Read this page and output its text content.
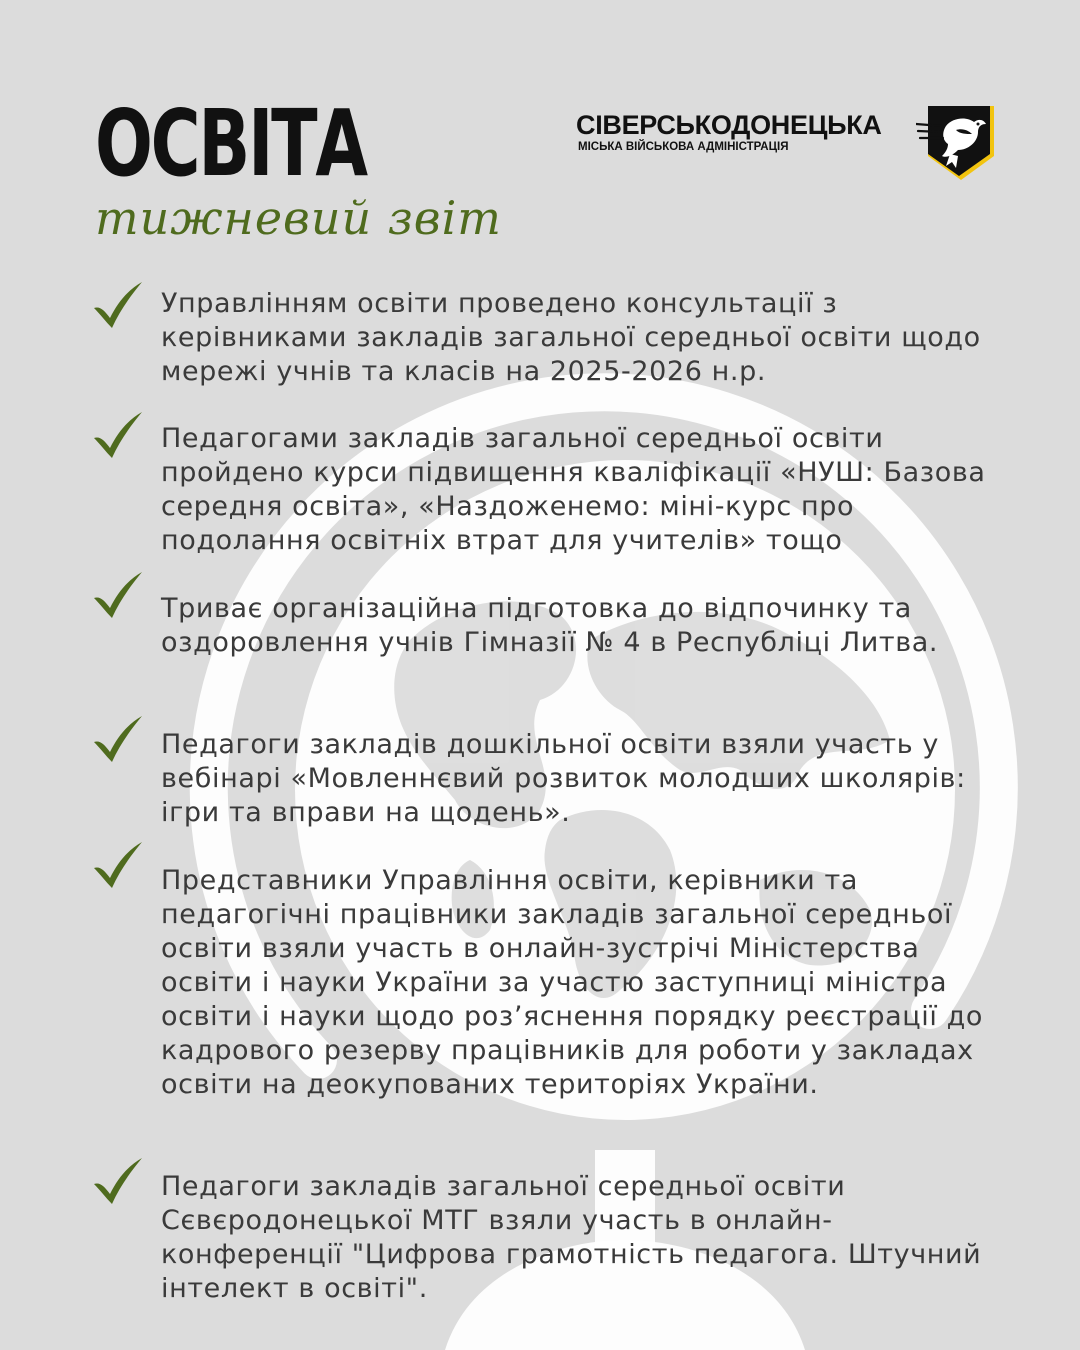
ОСВІТА
тижневий звіт
СІВЕРСЬКОДОНЕЦЬКА
МІСЬКА ВІЙСЬКОВА АДМІНІСТРАЦІЯ

Управлінням освіти проведено консультації з керівниками закладів загальної середньої освіти щодо мережі учнів та класів на 2025-2026 н.р.

Педагогами закладів загальної середньої освіти пройдено курси підвищення кваліфікації «НУШ: Базова середня освіта», «Наздоженемо: міні-курс про подолання освітніх втрат для учителів» тощо

Триває організаційна підготовка до відпочинку та оздоровлення учнів Гімназії № 4 в Республіці Литва.

Педагоги закладів дошкільної освіти взяли участь у вебінарі «Мовленнєвий розвиток молодших школярів: ігри та вправи на щодень».

Представники Управління освіти, керівники та педагогічні працівники закладів загальної середньої освіти взяли участь в онлайн-зустрічі Міністерства освіти і науки України за участю заступниці міністра освіти і науки щодо роз’яснення порядку реєстрації до кадрового резерву працівників для роботи у закладах освіти на деокупованих територіях України.

Педагоги закладів загальної середньої освіти Сєвєродонецької МТГ взяли участь в онлайн-конференції "Цифрова грамотність педагога. Штучний інтелект в освіті".
